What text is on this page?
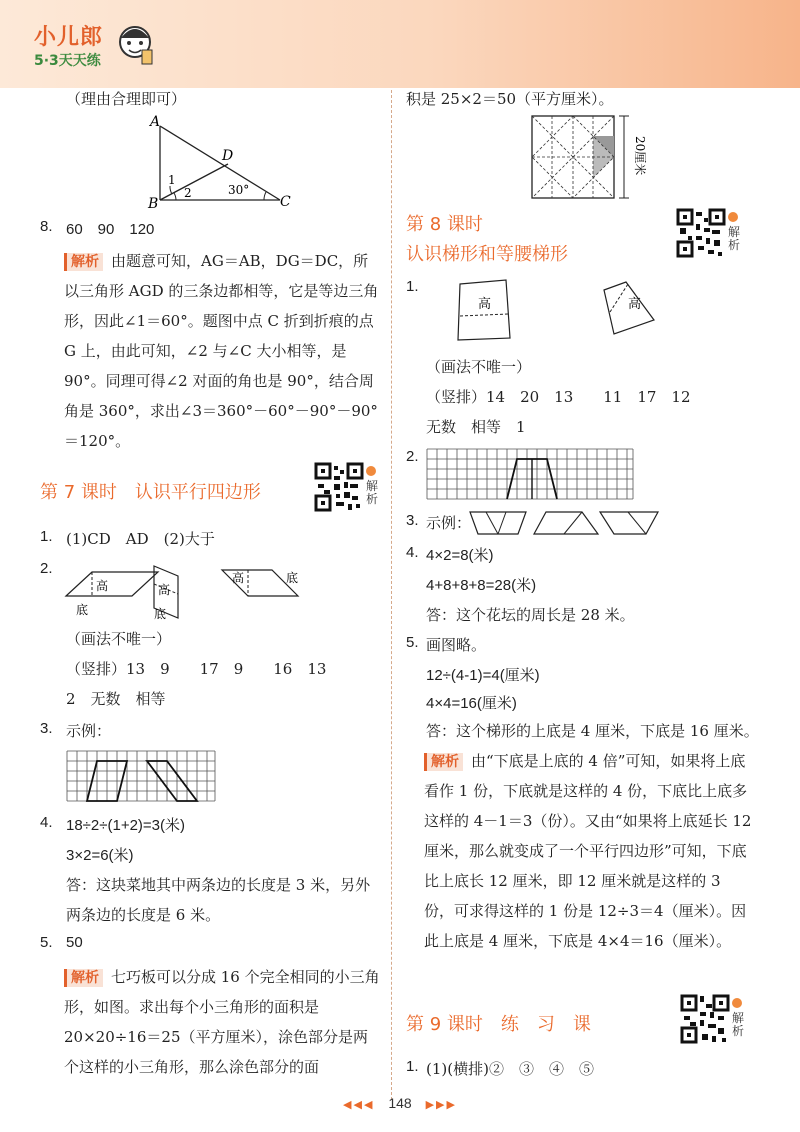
小儿郎
5·3天天练
（理由合理即可）
A
D
B	C
1
2	30°
8. 60　90　120
解析 由题意可知，AG＝AB，DG＝DC，所以三角形 AGD 的三条边都相等，它是等边三角形，因此∠1＝60°。题图中点 C 折到折痕的点 G 上，由此可知，∠2 与∠C 大小相等，是 90°。同理可得∠2 对面的角也是 90°，结合周角是 360°，求出∠3＝360°－60°－90°－90°＝120°。
第 7 课时　认识平行四边形	解析
1. (1)CD　AD　(2)大于
2.
高
底
高
底
高	底
（画法不唯一）
（竖排）13　9　　17　9　　16　13
2　无数　相等
3. 示例：
4. 18÷2÷(1+2)=3(米)
3×2=6(米)
答：这块菜地其中两条边的长度是 3 米，另外两条边的长度是 6 米。
5. 50
解析 七巧板可以分成 16 个完全相同的小三角形，如图。求出每个小三角形的面积是 20×20÷16＝25（平方厘米），涂色部分是两个这样的小三角形，那么涂色部分的面
积是 25×2＝50（平方厘米）。
20厘米
第 8 课时
认识梯形和等腰梯形
解析
1.
高	高
（画法不唯一）
（竖排）14　20　13　　11　17　12
无数　相等　1
2.
3. 示例：
4. 4×2=8(米)
4+8+8+8=28(米)
答：这个花坛的周长是 28 米。
5. 画图略。
12÷(4-1)=4(厘米)
4×4=16(厘米)
答：这个梯形的上底是 4 厘米，下底是 16 厘米。
解析 由“下底是上底的 4 倍”可知，如果将上底看作 1 份，下底就是这样的 4 份，下底比上底多这样的 4－1＝3（份）。又由“如果将上底延长 12 厘米，那么就变成了一个平行四边形”可知，下底比上底长 12 厘米，即 12 厘米就是这样的 3 份，可求得这样的 1 份是 12÷3＝4（厘米）。因此上底是 4 厘米，下底是 4×4＝16（厘米）。
第 9 课时　练　习　课	解析
1. (1)(横排)②　③　④　⑤
◀◀◀ 148 ▶▶▶
